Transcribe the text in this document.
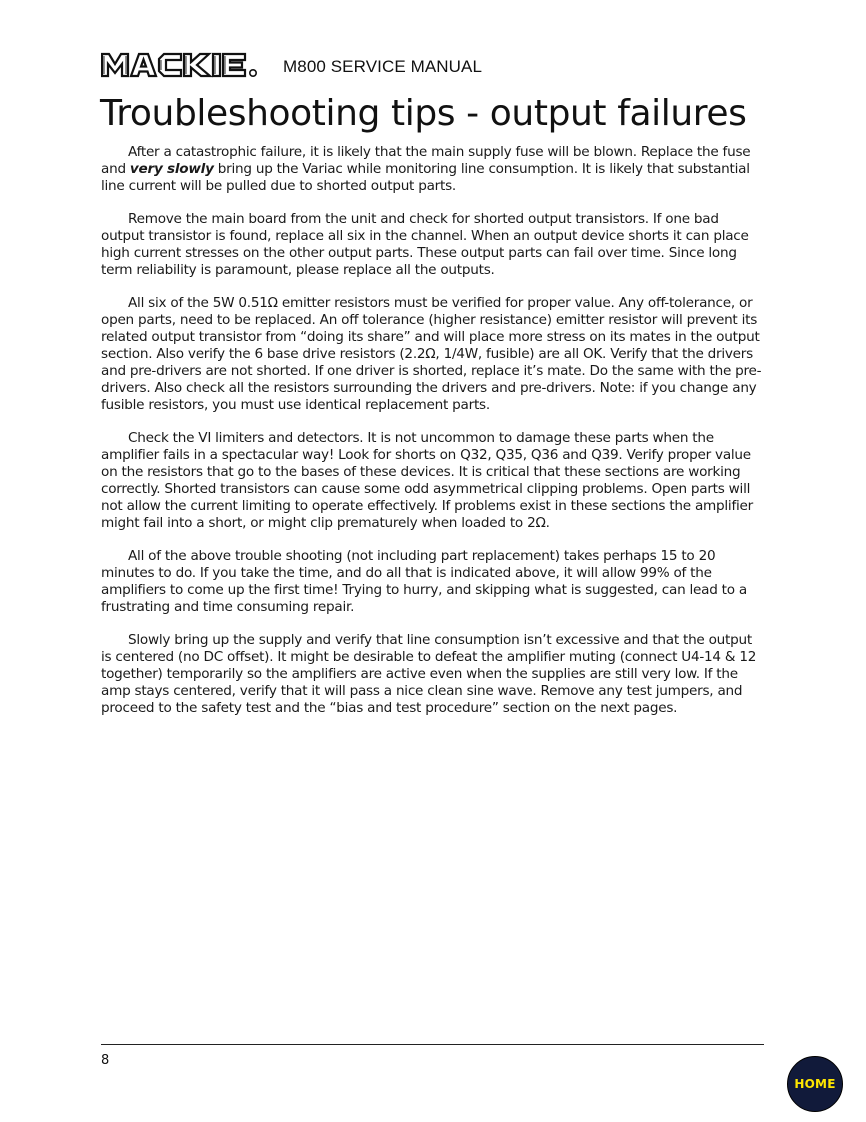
M800 SERVICE MANUAL
Troubleshooting tips - output failures

After a catastrophic failure, it is likely that the main supply fuse will be blown. Replace the fuse and very slowly bring up the Variac while monitoring line consumption. It is likely that substantial line current will be pulled due to shorted output parts.

Remove the main board from the unit and check for shorted output transistors. If one bad output transistor is found, replace all six in the channel. When an output device shorts it can place high current stresses on the other output parts. These output parts can fail over time. Since long term reliability is paramount, please replace all the outputs.

All six of the 5W 0.51Ω emitter resistors must be verified for proper value. Any off-tolerance, or open parts, need to be replaced. An off tolerance (higher resistance) emitter resistor will prevent its related output transistor from “doing its share” and will place more stress on its mates in the output section. Also verify the 6 base drive resistors (2.2Ω, 1/4W, fusible) are all OK. Verify that the drivers and pre-drivers are not shorted. If one driver is shorted, replace it’s mate. Do the same with the pre-drivers. Also check all the resistors surrounding the drivers and pre-drivers. Note: if you change any fusible resistors, you must use identical replacement parts.

Check the VI limiters and detectors. It is not uncommon to damage these parts when the amplifier fails in a spectacular way! Look for shorts on Q32, Q35, Q36 and Q39. Verify proper value on the resistors that go to the bases of these devices. It is critical that these sections are working correctly. Shorted transistors can cause some odd asymmetrical clipping problems. Open parts will not allow the current limiting to operate effectively. If problems exist in these sections the amplifier might fail into a short, or might clip prematurely when loaded to 2Ω.

All of the above trouble shooting (not including part replacement) takes perhaps 15 to 20 minutes to do. If you take the time, and do all that is indicated above, it will allow 99% of the amplifiers to come up the first time! Trying to hurry, and skipping what is suggested, can lead to a frustrating and time consuming repair.

Slowly bring up the supply and verify that line consumption isn’t excessive and that the output is centered (no DC offset). It might be desirable to defeat the amplifier muting (connect U4-14 & 12 together) temporarily so the amplifiers are active even when the supplies are still very low. If the amp stays centered, verify that it will pass a nice clean sine wave. Remove any test jumpers, and proceed to the safety test and the “bias and test procedure” section on the next pages.

8
HOME
